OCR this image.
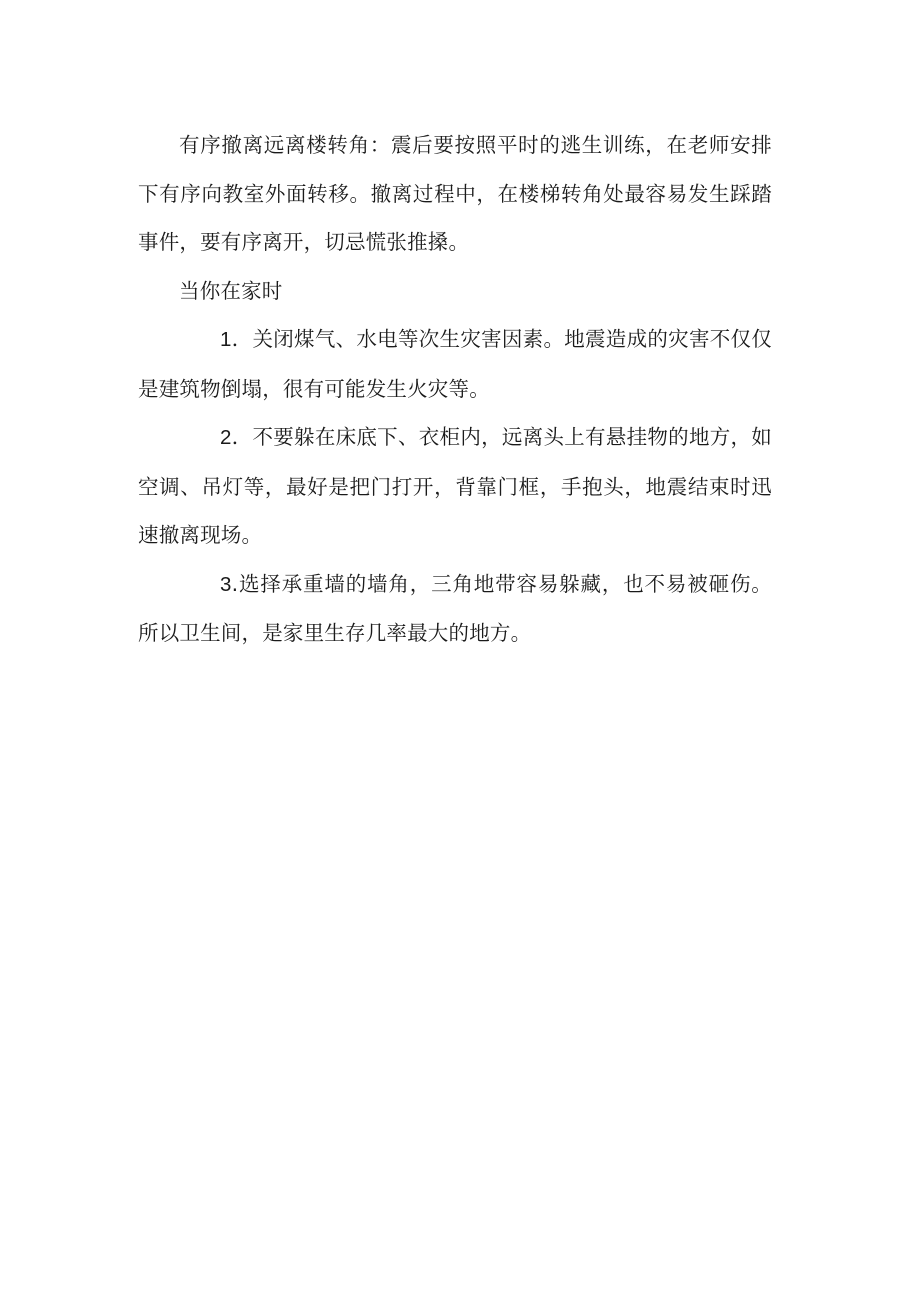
有序撤离远离楼转角：震后要按照平时的逃生训练，在老师安排下有序向教室外面转移。撤离过程中，在楼梯转角处最容易发生踩踏事件，要有序离开，切忌慌张推搡。

当你在家时

1．关闭煤气、水电等次生灾害因素。地震造成的灾害不仅仅是建筑物倒塌，很有可能发生火灾等。

2．不要躲在床底下、衣柜内，远离头上有悬挂物的地方，如空调、吊灯等，最好是把门打开，背靠门框，手抱头，地震结束时迅速撤离现场。

3.选择承重墙的墙角，三角地带容易躲藏，也不易被砸伤。所以卫生间，是家里生存几率最大的地方。
